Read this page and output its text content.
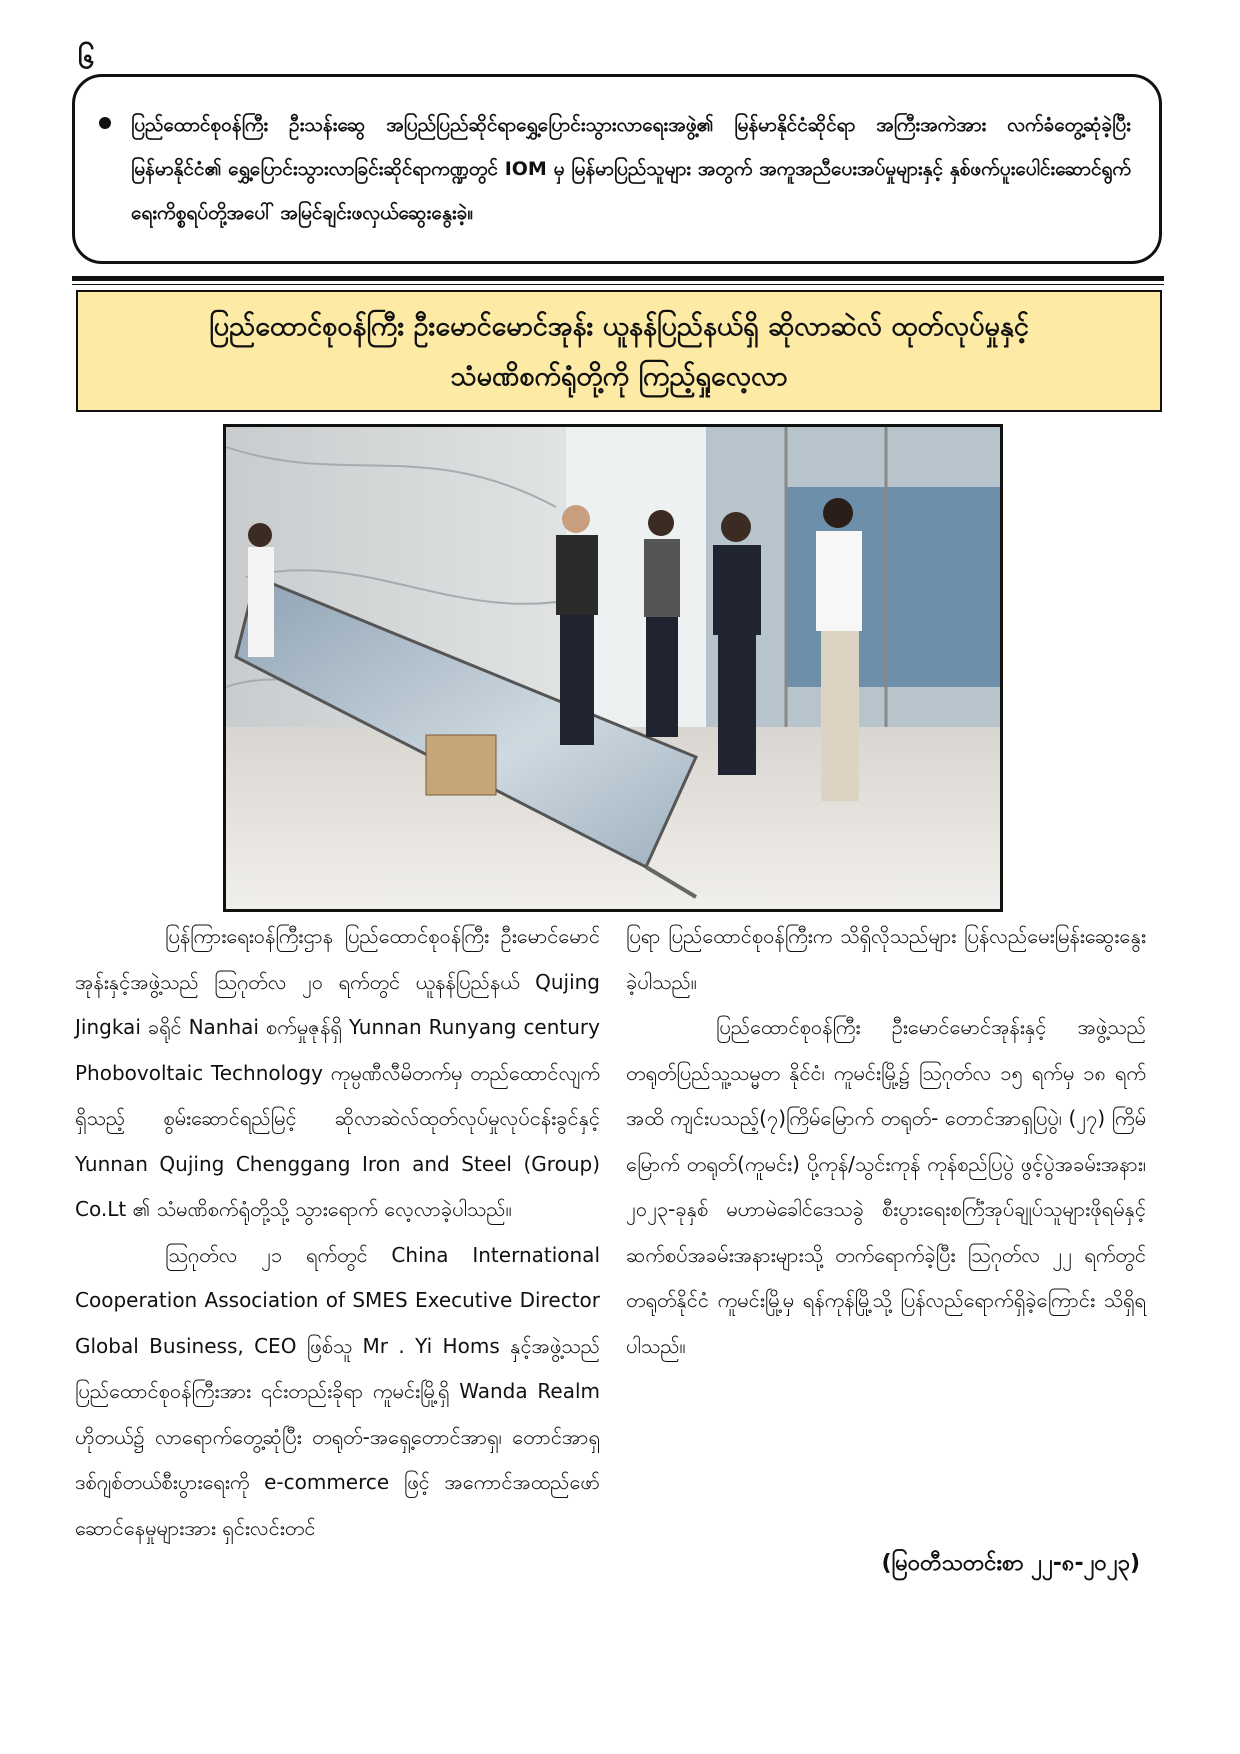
၆
ပြည်ထောင်စုဝန်ကြီး ဦးသန်းဆွေ အပြည်ပြည်ဆိုင်ရာရွှေ့ပြောင်းသွားလာရေးအဖွဲ့၏ မြန်မာနိုင်ငံဆိုင်ရာ အကြီးအကဲအား လက်ခံတွေ့ဆုံခဲ့ပြီး မြန်မာနိုင်ငံ၏ ရွှေ့ပြောင်းသွားလာခြင်းဆိုင်ရာကဏ္ဍတွင် IOM မှ မြန်မာပြည်သူများ အတွက် အကူအညီပေးအပ်မှုများနှင့် နှစ်ဖက်ပူးပေါင်းဆောင်ရွက်ရေးကိစ္စရပ်တို့အပေါ် အမြင်ချင်းဖလှယ်ဆွေးနွေးခဲ့။
ပြည်ထောင်စုဝန်ကြီး ဦးမောင်မောင်အုန်း ယူနန်ပြည်နယ်ရှိ ဆိုလာဆဲလ် ထုတ်လုပ်မှုနှင့်
သံမဏိစက်ရုံတို့ကို ကြည့်ရှုလေ့လာ

ပြန်ကြားရေးဝန်ကြီးဌာန ပြည်ထောင်စုဝန်ကြီး ဦးမောင်မောင်အုန်းနှင့်အဖွဲ့သည် ဩဂုတ်လ ၂၀ ရက်တွင် ယူနန်ပြည်နယ် Qujing Jingkai ခရိုင် Nanhai စက်မှုဇုန်ရှိ Yunnan Runyang century Phobovoltaic Technology ကုမ္ပဏီလီမိတက်မှ တည်ထောင်လျက်ရှိသည့် စွမ်းဆောင်ရည်မြင့် ဆိုလာဆဲလ်ထုတ်လုပ်မှုလုပ်ငန်းခွင်နှင့် Yunnan Qujing Chenggang Iron and Steel (Group) Co.Lt ၏ သံမဏိစက်ရုံတို့သို့ သွားရောက် လေ့လာခဲ့ပါသည်။

ဩဂုတ်လ ၂၁ ရက်တွင် China International Cooperation Association of SMES Executive Director Global Business, CEO ဖြစ်သူ Mr . Yi Homs နှင့်အဖွဲ့သည် ပြည်ထောင်စုဝန်ကြီးအား ၎င်းတည်းခိုရာ ကူမင်းမြို့ရှိ Wanda Realm ဟိုတယ်၌ လာရောက်တွေ့ဆုံပြီး တရုတ်-အရှေ့တောင်အာရှ၊ တောင်အာရှ ဒစ်ဂျစ်တယ်စီးပွားရေးကို e-commerce ဖြင့် အကောင်အထည်ဖော်ဆောင်နေမှုများအား ရှင်းလင်းတင်

ပြရာ ပြည်ထောင်စုဝန်ကြီးက သိရှိလိုသည်များ ပြန်လည်မေးမြန်းဆွေးနွေးခဲ့ပါသည်။

ပြည်ထောင်စုဝန်ကြီး ဦးမောင်မောင်အုန်းနှင့် အဖွဲ့သည် တရုတ်ပြည်သူ့သမ္မတ နိုင်ငံ၊ ကူမင်းမြို့၌ ဩဂုတ်လ ၁၅ ရက်မှ ၁၈ ရက်အထိ ကျင်းပသည့်(၇)ကြိမ်မြောက် တရုတ်- တောင်အာရှပြပွဲ၊ (၂၇) ကြိမ်မြောက် တရုတ်(ကူမင်း) ပို့ကုန်/သွင်းကုန် ကုန်စည်ပြပွဲ ဖွင့်ပွဲအခမ်းအနား၊ ၂၀၂၃-ခုနှစ် မဟာမဲခေါင်ဒေသခွဲ စီးပွားရေးစင်္ကြံအုပ်ချုပ်သူများဖိုရမ်နှင့် ဆက်စပ်အခမ်းအနားများသို့ တက်ရောက်ခဲ့ပြီး ဩဂုတ်လ ၂၂ ရက်တွင် တရုတ်နိုင်ငံ ကူမင်းမြို့မှ ရန်ကုန်မြို့သို့ ပြန်လည်ရောက်ရှိခဲ့ကြောင်း သိရှိရပါသည်။

(မြဝတီသတင်းစာ ၂၂-၈-၂၀၂၃)
